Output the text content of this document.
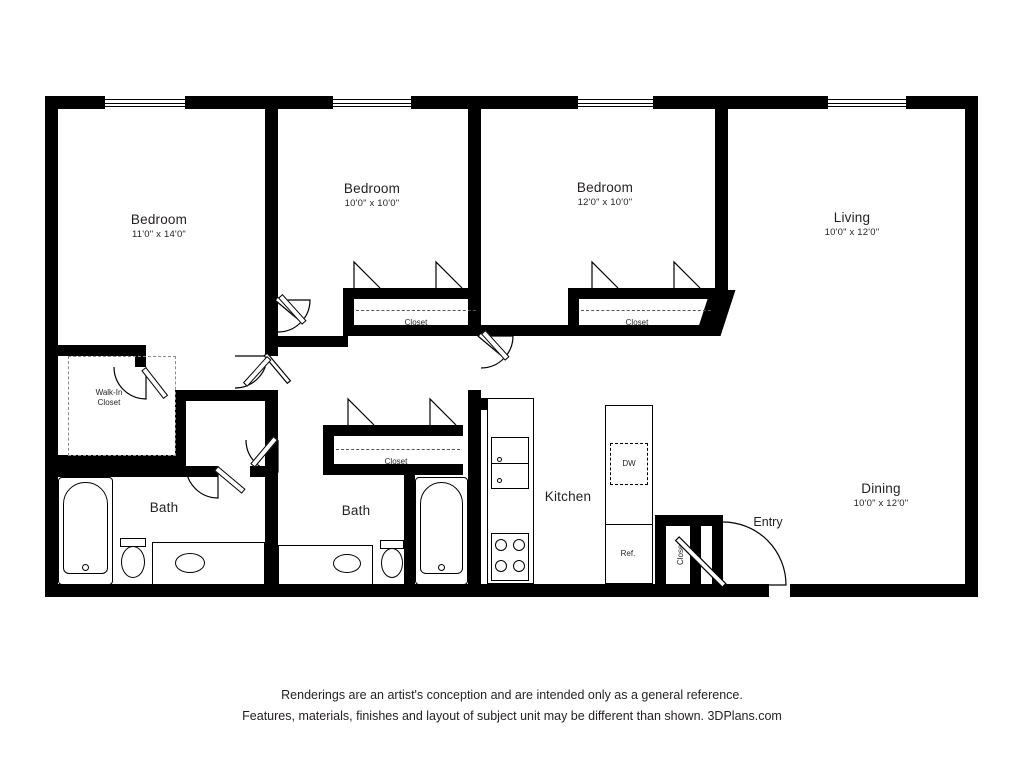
Bedroom
11'0" x 14'0"
Bedroom
10'0" x 10'0"
Bedroom
12'0" x 10'0"
Living
10'0" x 12'0"
Dining
10'0" x 12'0"
Kitchen
Bath	Bath
Walk-In
Closet
Closet	Closet
Closet
Closet
Entry
DW
Ref.
Renderings are an artist's conception and are intended only as a general reference.
Features, materials, finishes and layout of subject unit may be different than shown. 3DPlans.com
